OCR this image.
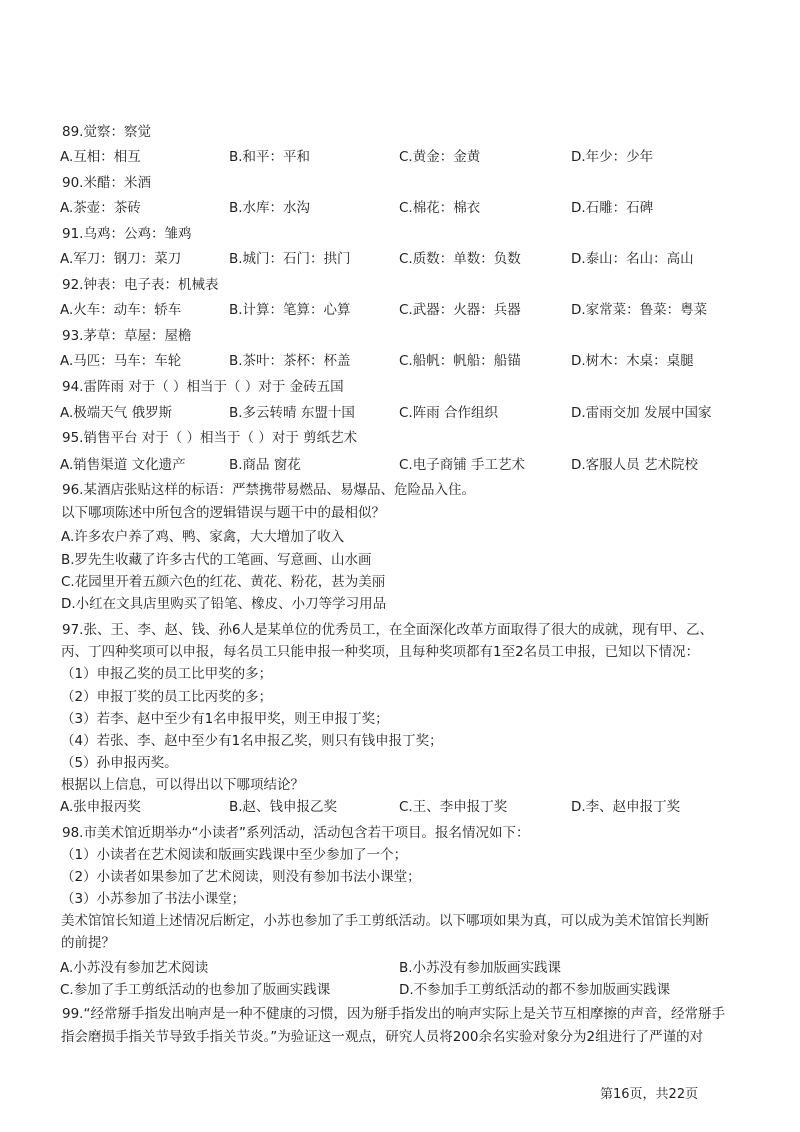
89.觉察：察觉
A.互相：相互	B.和平：平和	C.黄金：金黄	D.年少：少年
90.米醋：米酒
A.茶壶：茶砖	B.水库：水沟	C.棉花：棉衣	D.石雕：石碑
91.乌鸡：公鸡：雏鸡
A.军刀：钢刀：菜刀	B.城门：石门：拱门	C.质数：单数：负数	D.泰山：名山：高山
92.钟表：电子表：机械表
A.火车：动车：轿车	B.计算：笔算：心算	C.武器：火器：兵器	D.家常菜：鲁菜：粤菜
93.茅草：草屋：屋檐
A.马匹：马车：车轮	B.茶叶：茶杯：杯盖	C.船帆：帆船：船锚	D.树木：木桌：桌腿
94.雷阵雨 对于（ ）相当于（ ）对于 金砖五国
A.极端天气 俄罗斯	B.多云转晴 东盟十国	C.阵雨 合作组织	D.雷雨交加 发展中国家
95.销售平台 对于（ ）相当于（ ）对于 剪纸艺术
A.销售渠道 文化遗产	B.商品 窗花	C.电子商铺 手工艺术	D.客服人员 艺术院校
96.某酒店张贴这样的标语：严禁携带易燃品、易爆品、危险品入住。
以下哪项陈述中所包含的逻辑错误与题干中的最相似？
A.许多农户养了鸡、鸭、家禽，大大增加了收入
B.罗先生收藏了许多古代的工笔画、写意画、山水画
C.花园里开着五颜六色的红花、黄花、粉花，甚为美丽
D.小红在文具店里购买了铅笔、橡皮、小刀等学习用品
97.张、王、李、赵、钱、孙6人是某单位的优秀员工，在全面深化改革方面取得了很大的成就，现有甲、乙、
丙、丁四种奖项可以申报，每名员工只能申报一种奖项，且每种奖项都有1至2名员工申报，已知以下情况：
（1）申报乙奖的员工比甲奖的多；
（2）申报丁奖的员工比丙奖的多；
（3）若李、赵中至少有1名申报甲奖，则王申报丁奖；
（4）若张、李、赵中至少有1名申报乙奖，则只有钱申报丁奖；
（5）孙申报丙奖。
根据以上信息，可以得出以下哪项结论？
A.张申报丙奖	B.赵、钱申报乙奖	C.王、李申报丁奖	D.李、赵申报丁奖
98.市美术馆近期举办“小读者”系列活动，活动包含若干项目。报名情况如下：
（1）小读者在艺术阅读和版画实践课中至少参加了一个；
（2）小读者如果参加了艺术阅读，则没有参加书法小课堂；
（3）小苏参加了书法小课堂；
美术馆馆长知道上述情况后断定，小苏也参加了手工剪纸活动。以下哪项如果为真，可以成为美术馆馆长判断
的前提？
A.小苏没有参加艺术阅读	B.小苏没有参加版画实践课
C.参加了手工剪纸活动的也参加了版画实践课	D.不参加手工剪纸活动的都不参加版画实践课
99.“经常掰手指发出响声是一种不健康的习惯，因为掰手指发出的响声实际上是关节互相摩擦的声音，经常掰手
指会磨损手指关节导致手指关节炎。”为验证这一观点，研究人员将200余名实验对象分为2组进行了严谨的对
第16页，共22页
